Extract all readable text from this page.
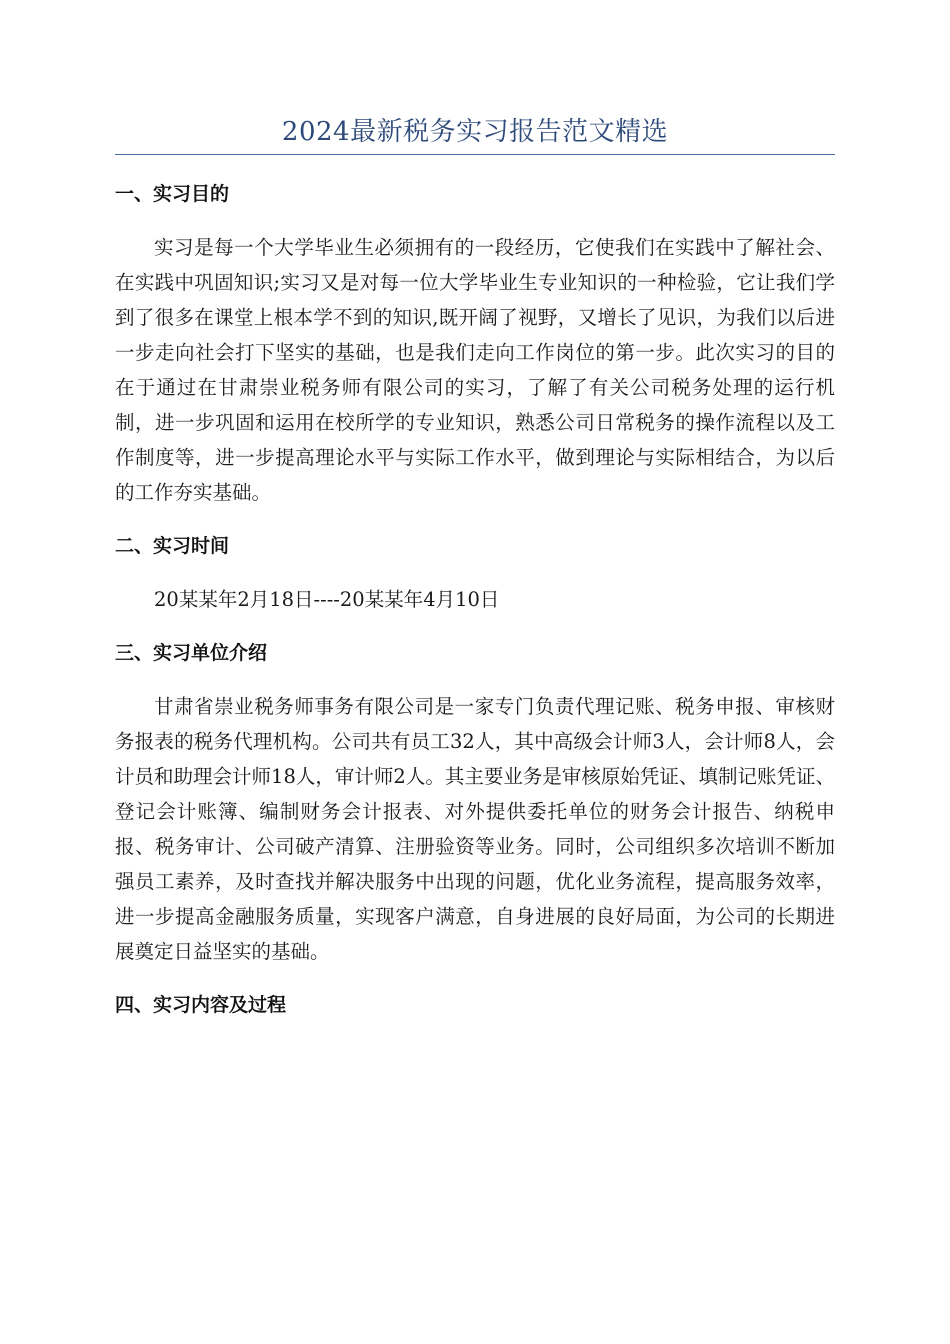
2024最新税务实习报告范文精选
一、实习目的

实习是每一个大学毕业生必须拥有的一段经历，它使我们在实践中了解社会、在实践中巩固知识;实习又是对每一位大学毕业生专业知识的一种检验，它让我们学到了很多在课堂上根本学不到的知识,既开阔了视野，又增长了见识，为我们以后进一步走向社会打下坚实的基础，也是我们走向工作岗位的第一步。此次实习的目的在于通过在甘肃崇业税务师有限公司的实习，了解了有关公司税务处理的运行机制，进一步巩固和运用在校所学的专业知识，熟悉公司日常税务的操作流程以及工作制度等，进一步提高理论水平与实际工作水平，做到理论与实际相结合，为以后的工作夯实基础。

二、实习时间

20某某年2月18日----20某某年4月10日

三、实习单位介绍

甘肃省崇业税务师事务有限公司是一家专门负责代理记账、税务申报、审核财务报表的税务代理机构。公司共有员工32人，其中高级会计师3人，会计师8人，会计员和助理会计师18人，审计师2人。其主要业务是审核原始凭证、填制记账凭证、登记会计账簿、编制财务会计报表、对外提供委托单位的财务会计报告、纳税申报、税务审计、公司破产清算、注册验资等业务。同时，公司组织多次培训不断加强员工素养，及时查找并解决服务中出现的问题，优化业务流程，提高服务效率，进一步提高金融服务质量，实现客户满意，自身进展的良好局面，为公司的长期进展奠定日益坚实的基础。

四、实习内容及过程
